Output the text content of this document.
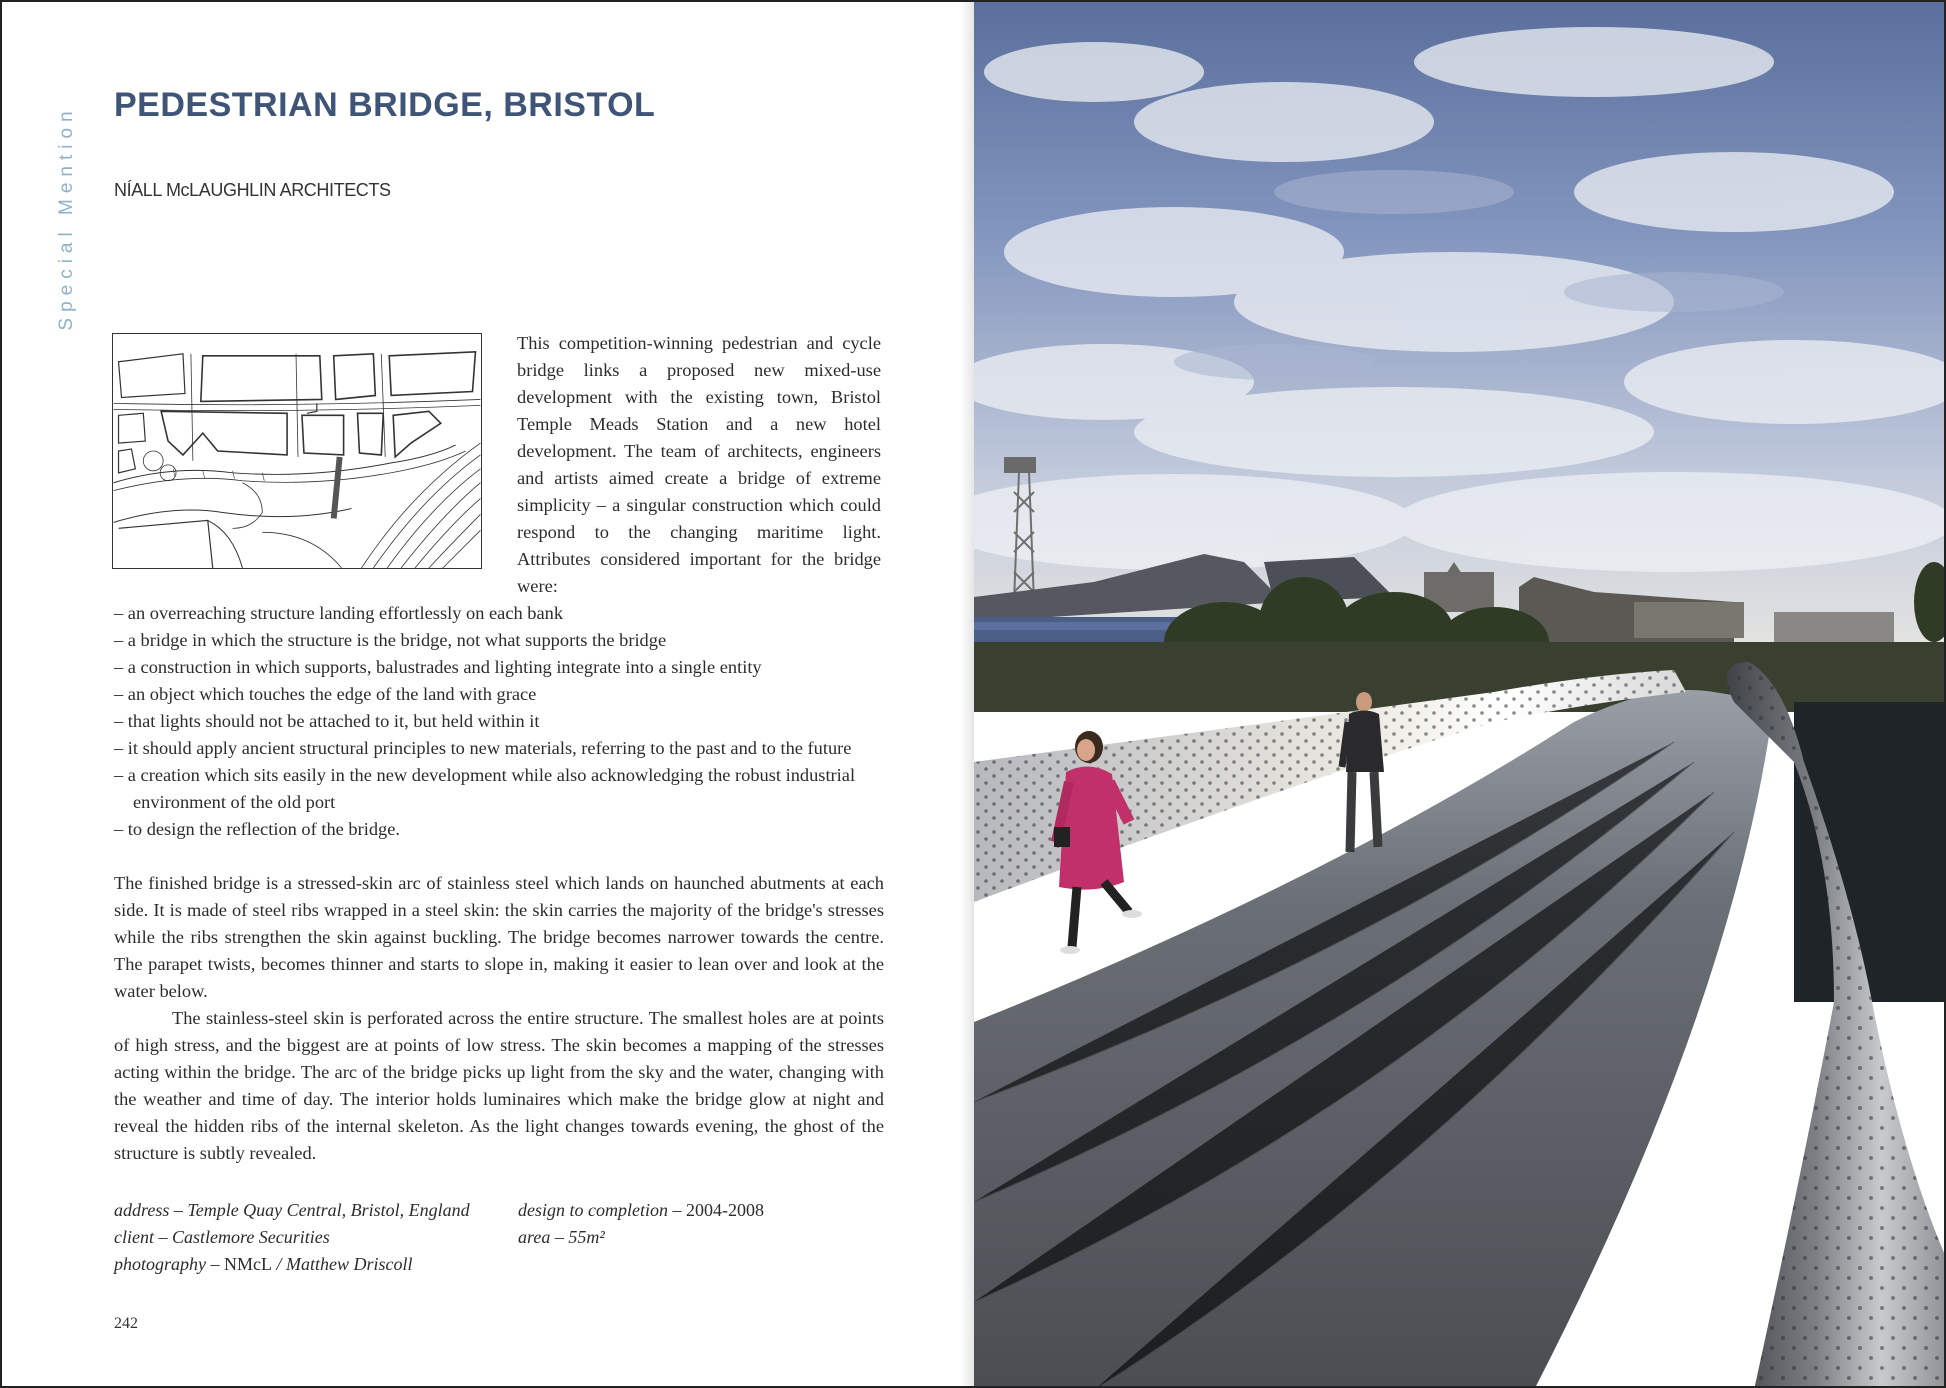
Special Mention
PEDESTRIAN BRIDGE, BRISTOL
NÍALL McLAUGHLIN ARCHITECTS

This competition-winning pedestrian and cycle bridge links a proposed new mixed-use development with the existing town, Bristol Temple Meads Station and a new hotel development. The team of architects, engineers and artists aimed create a bridge of extreme simplicity – a singular construction which could respond to the changing maritime light. Attributes considered important for the bridge were:

– an overreaching structure landing effortlessly on each bank
– a bridge in which the structure is the bridge, not what supports the bridge
– a construction in which supports, balustrades and lighting integrate into a single entity
– an object which touches the edge of the land with grace
– that lights should not be attached to it, but held within it
– it should apply ancient structural principles to new materials, referring to the past and to the future
– a creation which sits easily in the new development while also acknowledging the robust industrial environment of the old port
– to design the reflection of the bridge.

The finished bridge is a stressed-skin arc of stainless steel which lands on haunched abutments at each side. It is made of steel ribs wrapped in a steel skin: the skin carries the majority of the bridge's stresses while the ribs strengthen the skin against buckling. The bridge becomes narrower towards the centre. The parapet twists, becomes thinner and starts to slope in, making it easier to lean over and look at the water below.

The stainless-steel skin is perforated across the entire structure. The smallest holes are at points of high stress, and the biggest are at points of low stress. The skin becomes a mapping of the stresses acting within the bridge. The arc of the bridge picks up light from the sky and the water, changing with the weather and time of day. The interior holds luminaires which make the bridge glow at night and reveal the hidden ribs of the internal skeleton. As the light changes towards evening, the ghost of the structure is subtly revealed.

address – Temple Quay Central, Bristol, England
client – Castlemore Securities
photography – NMcL / Matthew Driscoll
design to completion – 2004-2008
area – 55m²
242
